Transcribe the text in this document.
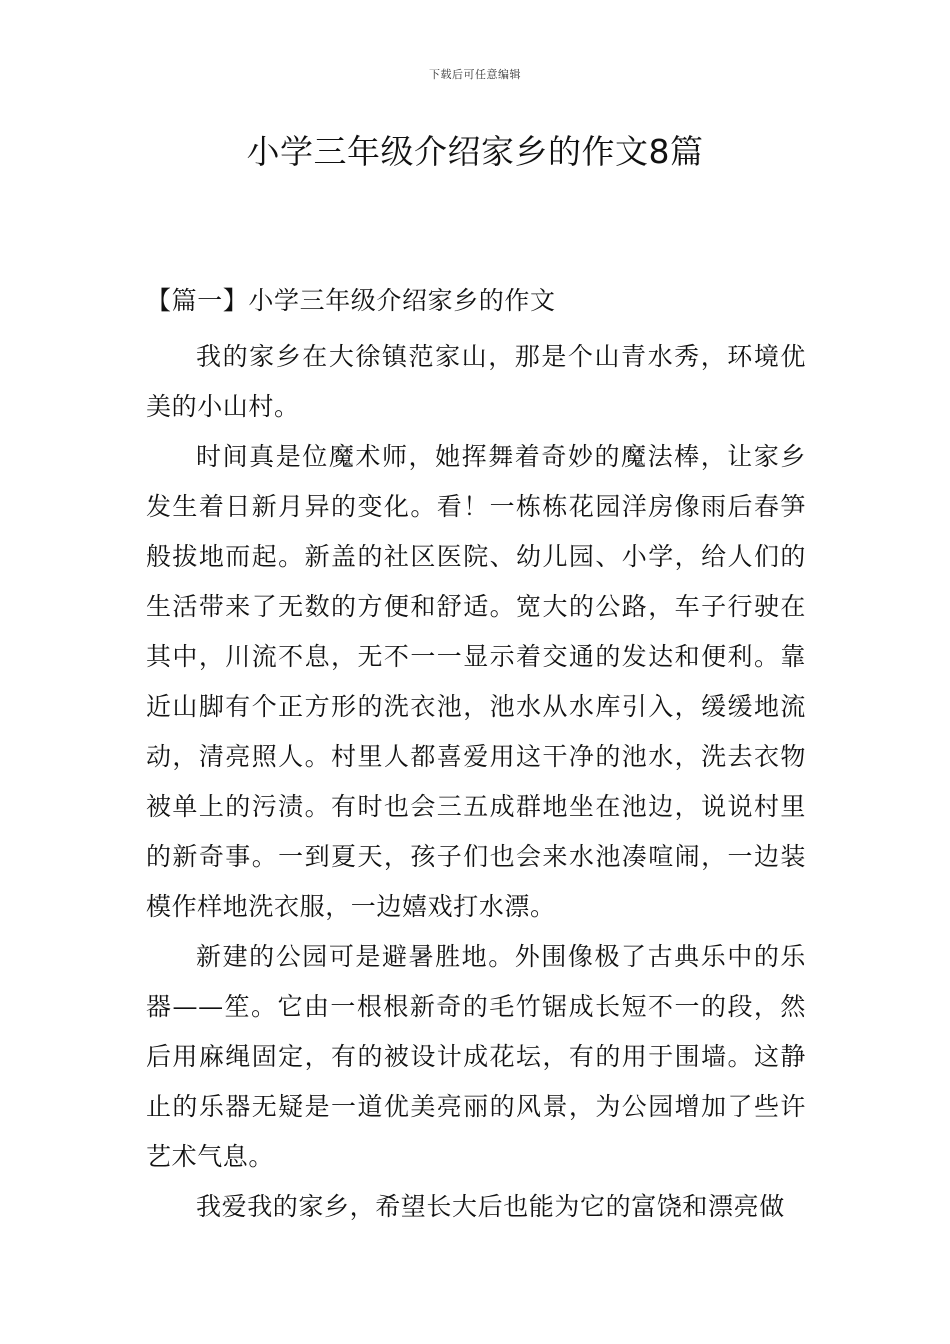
下载后可任意编辑
小学三年级介绍家乡的作文8篇
【篇一】小学三年级介绍家乡的作文

我的家乡在大徐镇范家山，那是个山青水秀，环境优美的小山村。

时间真是位魔术师，她挥舞着奇妙的魔法棒，让家乡发生着日新月异的变化。看！一栋栋花园洋房像雨后春笋般拔地而起。新盖的社区医院、幼儿园、小学，给人们的生活带来了无数的方便和舒适。宽大的公路，车子行驶在其中，川流不息，无不一一显示着交通的发达和便利。靠近山脚有个正方形的洗衣池，池水从水库引入，缓缓地流动，清亮照人。村里人都喜爱用这干净的池水，洗去衣物被单上的污渍。有时也会三五成群地坐在池边，说说村里的新奇事。一到夏天，孩子们也会来水池凑喧闹，一边装模作样地洗衣服，一边嬉戏打水漂。

新建的公园可是避暑胜地。外围像极了古典乐中的乐器——笙。它由一根根新奇的毛竹锯成长短不一的段，然后用麻绳固定，有的被设计成花坛，有的用于围墙。这静止的乐器无疑是一道优美亮丽的风景，为公园增加了些许艺术气息。

我爱我的家乡，希望长大后也能为它的富饶和漂亮做
